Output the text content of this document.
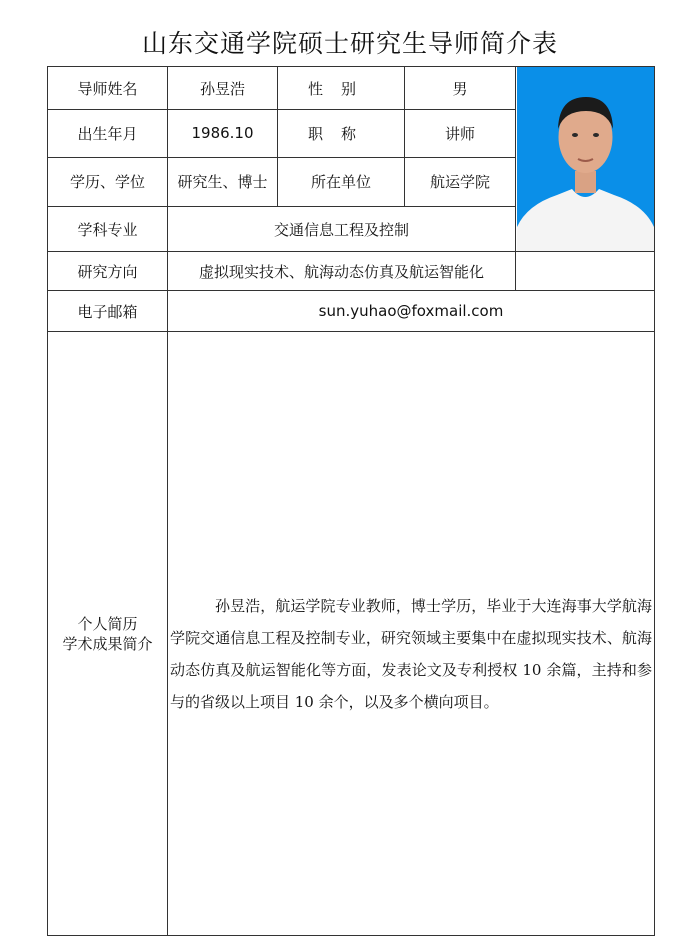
山东交通学院硕士研究生导师简介表
导师姓名	孙昱浩	性别	男	

出生年月	1986.10	职称	讲师	
学历、学位	研究生、博士	所在单位	航运学院	
学科专业	交通信息工程及控制			
研究方向	虚拟现实技术、航海动态仿真及航运智能化			
电子邮箱	sun.yuhao@foxmail.com			

个人简历
学术成果简介	孙昱浩，航运学院专业教师，博士学历，毕业于大连海事大学航海学院交通信息工程及控制专业，研究领域主要集中在虚拟现实技术、航海动态仿真及航运智能化等方面，发表论文及专利授权 10 余篇，主持和参与的省级以上项目 10 余个，以及多个横向项目。			
